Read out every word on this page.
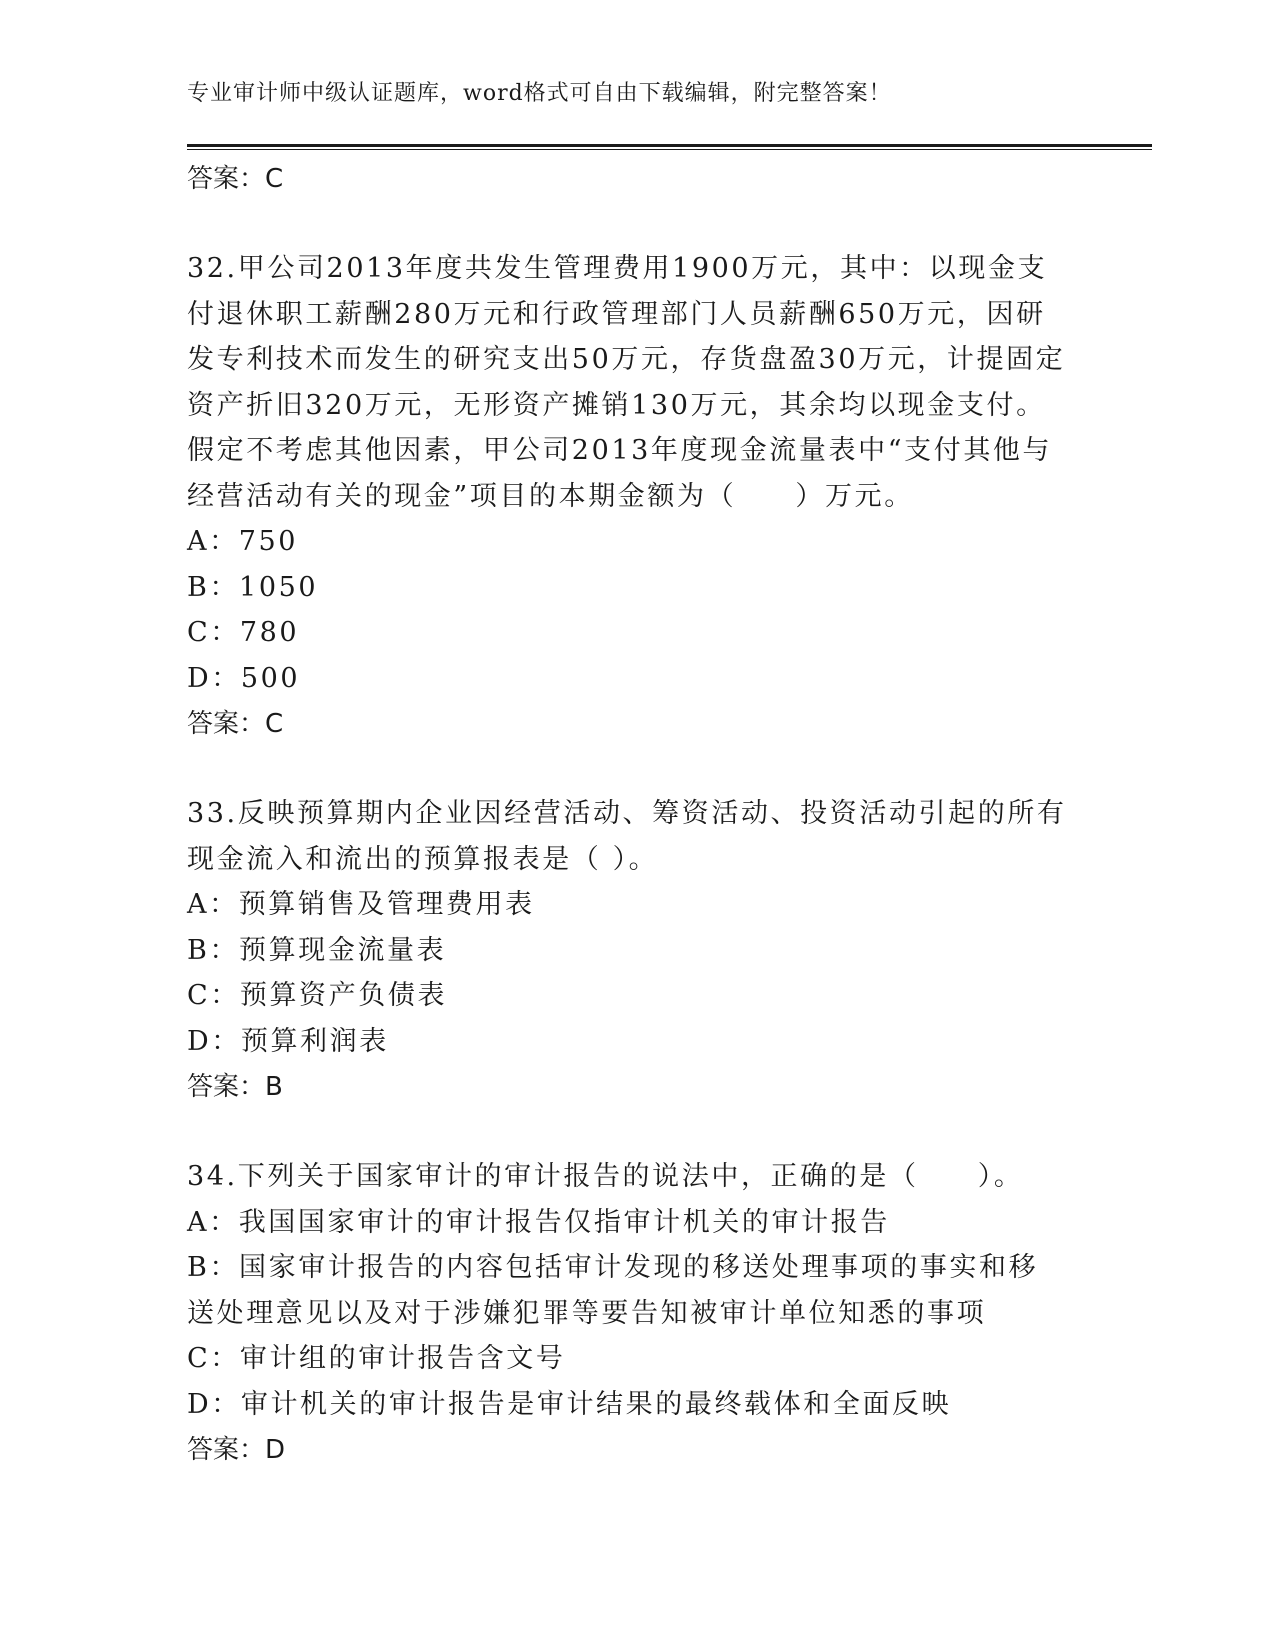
专业审计师中级认证题库，word格式可自由下载编辑，附完整答案！
答案：C

32.甲公司2013年度共发生管理费用1900万元，其中：以现金支付退休职工薪酬280万元和行政管理部门人员薪酬650万元，因研发专利技术而发生的研究支出50万元，存货盘盈30万元，计提固定资产折旧320万元，无形资产摊销130万元，其余均以现金支付。假定不考虑其他因素，甲公司2013年度现金流量表中“支付其他与经营活动有关的现金”项目的本期金额为（　　）万元。

A：750
B：1050
C：780
D：500
答案：C

33.反映预算期内企业因经营活动、筹资活动、投资活动引起的所有现金流入和流出的预算报表是（ ）。

A：预算销售及管理费用表
B：预算现金流量表
C：预算资产负债表
D：预算利润表
答案：B

34.下列关于国家审计的审计报告的说法中，正确的是（　　）。

A：我国国家审计的审计报告仅指审计机关的审计报告
B：国家审计报告的内容包括审计发现的移送处理事项的事实和移送处理意见以及对于涉嫌犯罪等要告知被审计单位知悉的事项
C：审计组的审计报告含文号
D：审计机关的审计报告是审计结果的最终载体和全面反映
答案：D
